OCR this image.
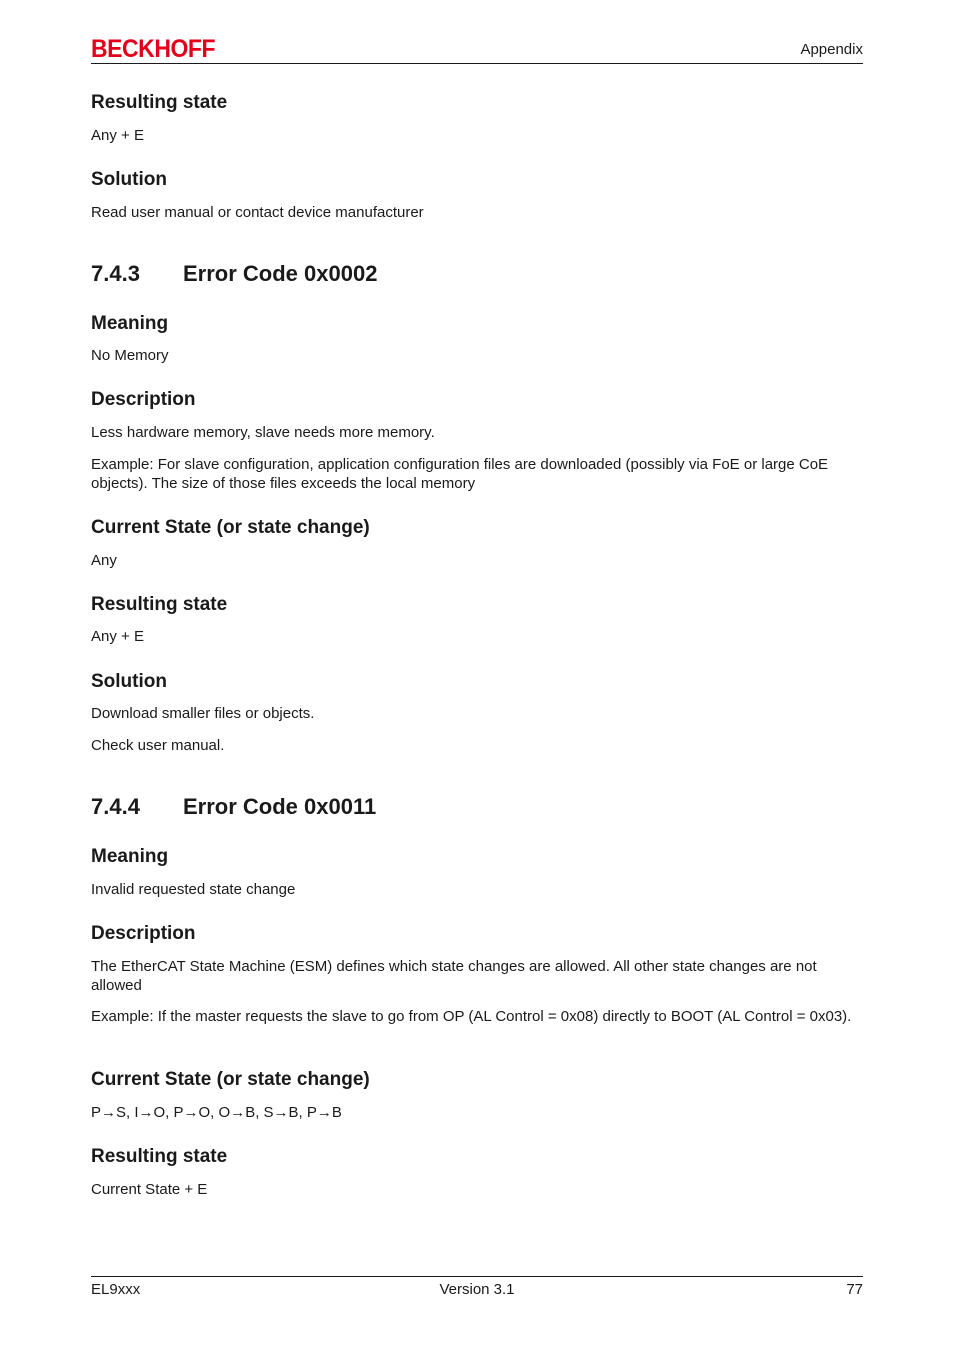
BECKHOFF	Appendix
Resulting state
Any + E
Solution
Read user manual or contact device manufacturer
7.4.3 Error Code 0x0002
Meaning
No Memory
Description
Less hardware memory, slave needs more memory.
Example: For slave configuration, application configuration files are downloaded (possibly via FoE or large CoE objects). The size of those files exceeds the local memory
Current State (or state change)
Any
Resulting state
Any + E
Solution
Download smaller files or objects.
Check user manual.
7.4.4 Error Code 0x0011
Meaning
Invalid requested state change
Description
The EtherCAT State Machine (ESM) defines which state changes are allowed. All other state changes are not allowed
Example: If the master requests the slave to go from OP (AL Control = 0x08) directly to BOOT (AL Control = 0x03).
Current State (or state change)
P→S, I→O, P→O, O→B, S→B, P→B
Resulting state
Current State + E
EL9xxx	Version 3.1	77
